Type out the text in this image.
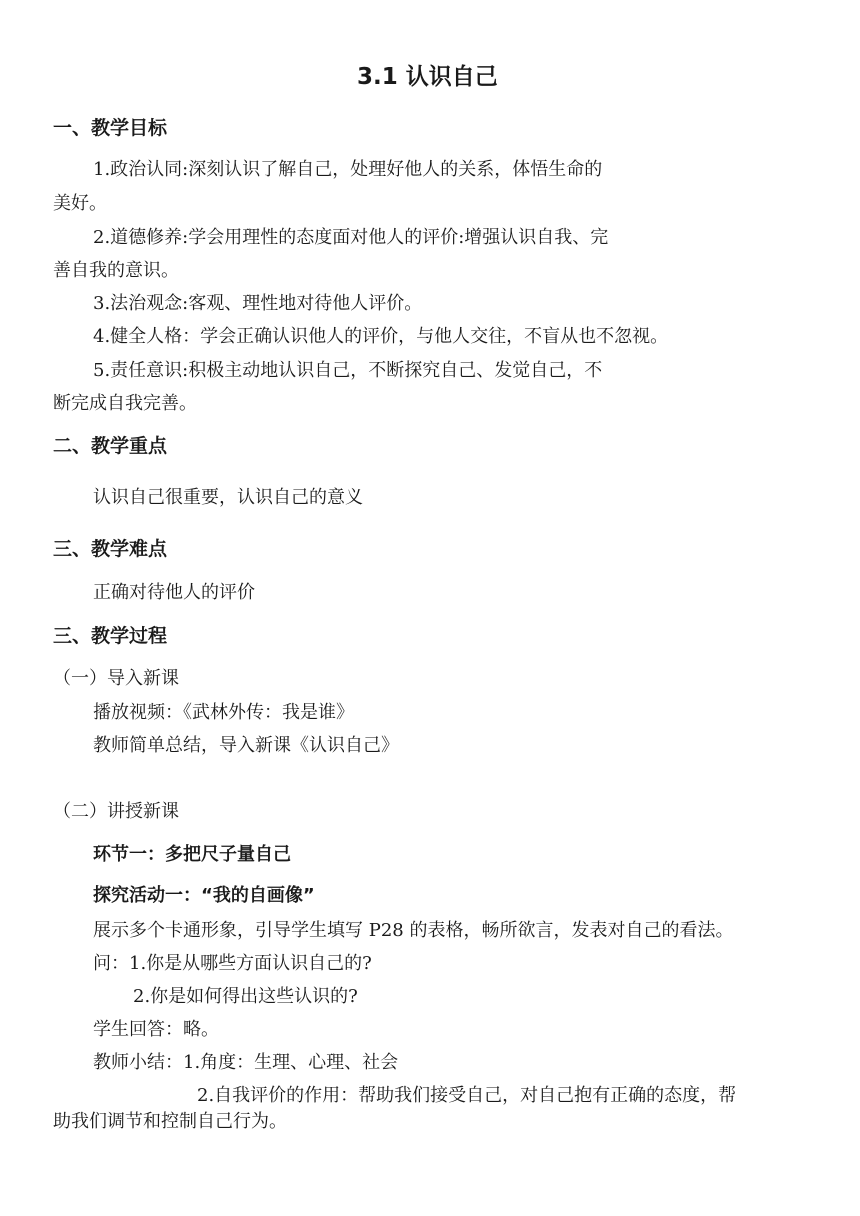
3.1 认识自己
一、教学目标
1.政治认同:深刻认识了解自己，处理好他人的关系，体悟生命的
美好。
2.道德修养:学会用理性的态度面对他人的评价:增强认识自我、完
善自我的意识。
3.法治观念:客观、理性地对待他人评价。
4.健全人格：学会正确认识他人的评价，与他人交往，不盲从也不忽视。
5.责任意识:积极主动地认识自己，不断探究自己、发觉自己，不
断完成自我完善。
二、教学重点
认识自己很重要，认识自己的意义
三、教学难点
正确对待他人的评价
三、教学过程
（一）导入新课
播放视频：《武林外传：我是谁》
教师简单总结，导入新课《认识自己》
（二）讲授新课
环节一：多把尺子量自己
探究活动一：“我的自画像”
展示多个卡通形象，引导学生填写 P28 的表格，畅所欲言，发表对自己的看法。
问：1.你是从哪些方面认识自己的?
2.你是如何得出这些认识的?
学生回答：略。
教师小结：1.角度：生理、心理、社会
2.自我评价的作用：帮助我们接受自己，对自己抱有正确的态度，帮
助我们调节和控制自己行为。
